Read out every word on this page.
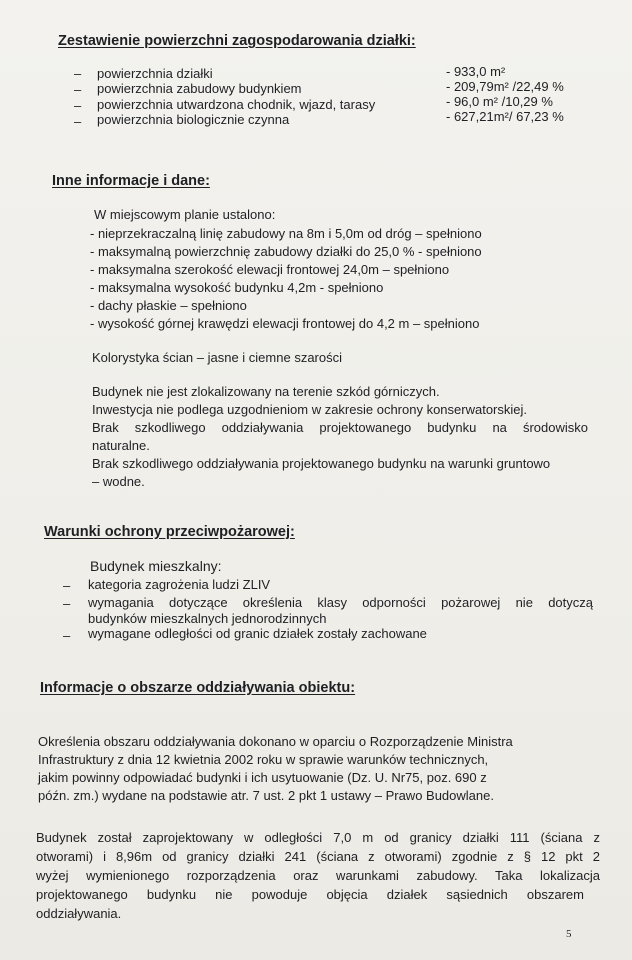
Zestawienie powierzchni zagospodarowania działki:
– powierzchnia działki	- 933,0 m²
– powierzchnia zabudowy budynkiem	- 209,79m² /22,49 %
– powierzchnia utwardzona chodnik, wjazd, tarasy	- 96,0 m² /10,29 %
– powierzchnia biologicznie czynna	- 627,21m²/ 67,23 %
Inne informacje i dane:
W miejscowym planie ustalono:
- nieprzekraczalną linię zabudowy na 8m i 5,0m od dróg – spełniono
- maksymalną powierzchnię zabudowy działki do 25,0 % - spełniono
- maksymalna szerokość elewacji frontowej 24,0m – spełniono
- maksymalna wysokość budynku 4,2m - spełniono
- dachy płaskie – spełniono
- wysokość górnej krawędzi elewacji frontowej do 4,2 m – spełniono
Kolorystyka ścian – jasne i ciemne szarości
Budynek nie jest zlokalizowany na terenie szkód górniczych.
Inwestycja nie podlega uzgodnieniom w zakresie ochrony konserwatorskiej.
Brak szkodliwego oddziaływania projektowanego budynku na środowisko
naturalne.
Brak szkodliwego oddziaływania projektowanego budynku na warunki gruntowo
– wodne.
Warunki ochrony przeciwpożarowej:
Budynek mieszkalny:
– kategoria zagrożenia ludzi ZLIV
– wymagania dotyczące określenia klasy odporności pożarowej nie dotyczą
budynków mieszkalnych jednorodzinnych
– wymagane odległości od granic działek zostały zachowane
Informacje o obszarze oddziaływania obiektu:
Określenia obszaru oddziaływania dokonano w oparciu o Rozporządzenie Ministra
Infrastruktury z dnia 12 kwietnia 2002 roku w sprawie warunków technicznych,
jakim powinny odpowiadać budynki i ich usytuowanie (Dz. U. Nr75, poz. 690 z
późn. zm.) wydane na podstawie atr. 7 ust. 2 pkt 1 ustawy – Prawo Budowlane.
Budynek został zaprojektowany w odległości 7,0 m od granicy działki 111 (ściana z
otworami) i 8,96m od granicy działki 241 (ściana z otworami) zgodnie z § 12 pkt 2
wyżej wymienionego rozporządzenia oraz warunkami zabudowy. Taka lokalizacja
projektowanego budynku nie powoduje objęcia działek sąsiednich obszarem
oddziaływania.
5
